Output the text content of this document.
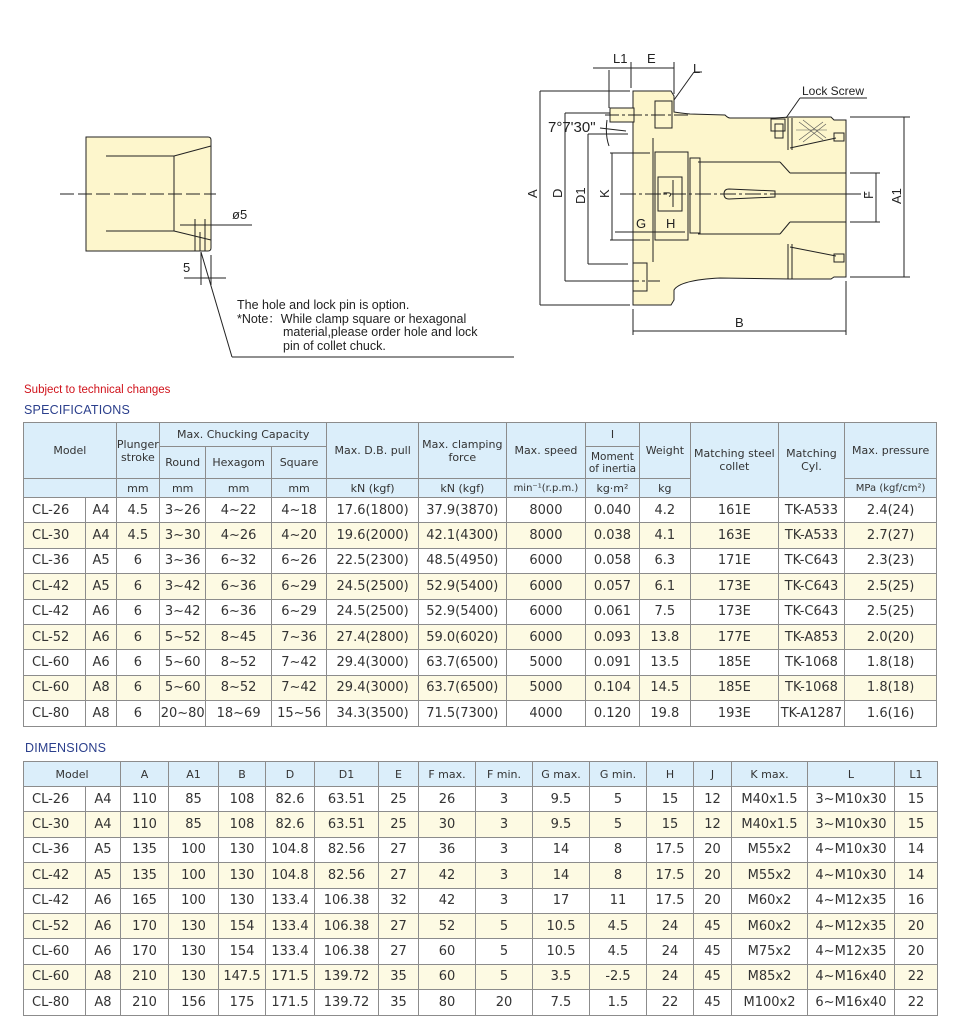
ø5
5
L1 E
L
7°7'30"
Lock Screw
B
G H
A D D1 K	J	F A1
The hole and lock pin is option.
*Note：While clamp square or hexagonal
material,please order hole and lock
pin of collet chuck.
Subject to technical changes
SPECIFICATIONS
Model		Plunger stroke	Max. Chucking Capacity			Max. D.B. pull	Max. clamping force	Max. speed	I	Weight	Matching steel collet	Matching Cyl.	Max. pressure
			Round	Hexagom	Square				Moment of inertia				
		mm	mm	mm	mm	kN (kgf)	kN (kgf)	min⁻¹(r.p.m.)	kg·m²	kg			MPa (kgf/cm²)
CL-26	A4	4.5	3~26	4~22	4~18	17.6(1800)	37.9(3870)	8000	0.040	4.2	161E	TK-A533	2.4(24)
CL-30	A4	4.5	3~30	4~26	4~20	19.6(2000)	42.1(4300)	8000	0.038	4.1	163E	TK-A533	2.7(27)
CL-36	A5	6	3~36	6~32	6~26	22.5(2300)	48.5(4950)	6000	0.058	6.3	171E	TK-C643	2.3(23)
CL-42	A5	6	3~42	6~36	6~29	24.5(2500)	52.9(5400)	6000	0.057	6.1	173E	TK-C643	2.5(25)
CL-42	A6	6	3~42	6~36	6~29	24.5(2500)	52.9(5400)	6000	0.061	7.5	173E	TK-C643	2.5(25)
CL-52	A6	6	5~52	8~45	7~36	27.4(2800)	59.0(6020)	6000	0.093	13.8	177E	TK-A853	2.0(20)
CL-60	A6	6	5~60	8~52	7~42	29.4(3000)	63.7(6500)	5000	0.091	13.5	185E	TK-1068	1.8(18)
CL-60	A8	6	5~60	8~52	7~42	29.4(3000)	63.7(6500)	5000	0.104	14.5	185E	TK-1068	1.8(18)
CL-80	A8	6	20~80	18~69	15~56	34.3(3500)	71.5(7300)	4000	0.120	19.8	193E	TK-A1287	1.6(16)
DIMENSIONS
Model		A	A1	B	D	D1	E	F max.	F min.	G max.	G min.	H	J	K max.	L	L1
CL-26	A4	110	85	108	82.6	63.51	25	26	3	9.5	5	15	12	M40x1.5	3~M10x30	15
CL-30	A4	110	85	108	82.6	63.51	25	30	3	9.5	5	15	12	M40x1.5	3~M10x30	15
CL-36	A5	135	100	130	104.8	82.56	27	36	3	14	8	17.5	20	M55x2	4~M10x30	14
CL-42	A5	135	100	130	104.8	82.56	27	42	3	14	8	17.5	20	M55x2	4~M10x30	14
CL-42	A6	165	100	130	133.4	106.38	32	42	3	17	11	17.5	20	M60x2	4~M12x35	16
CL-52	A6	170	130	154	133.4	106.38	27	52	5	10.5	4.5	24	45	M60x2	4~M12x35	20
CL-60	A6	170	130	154	133.4	106.38	27	60	5	10.5	4.5	24	45	M75x2	4~M12x35	20
CL-60	A8	210	130	147.5	171.5	139.72	35	60	5	3.5	-2.5	24	45	M85x2	4~M16x40	22
CL-80	A8	210	156	175	171.5	139.72	35	80	20	7.5	1.5	22	45	M100x2	6~M16x40	22
